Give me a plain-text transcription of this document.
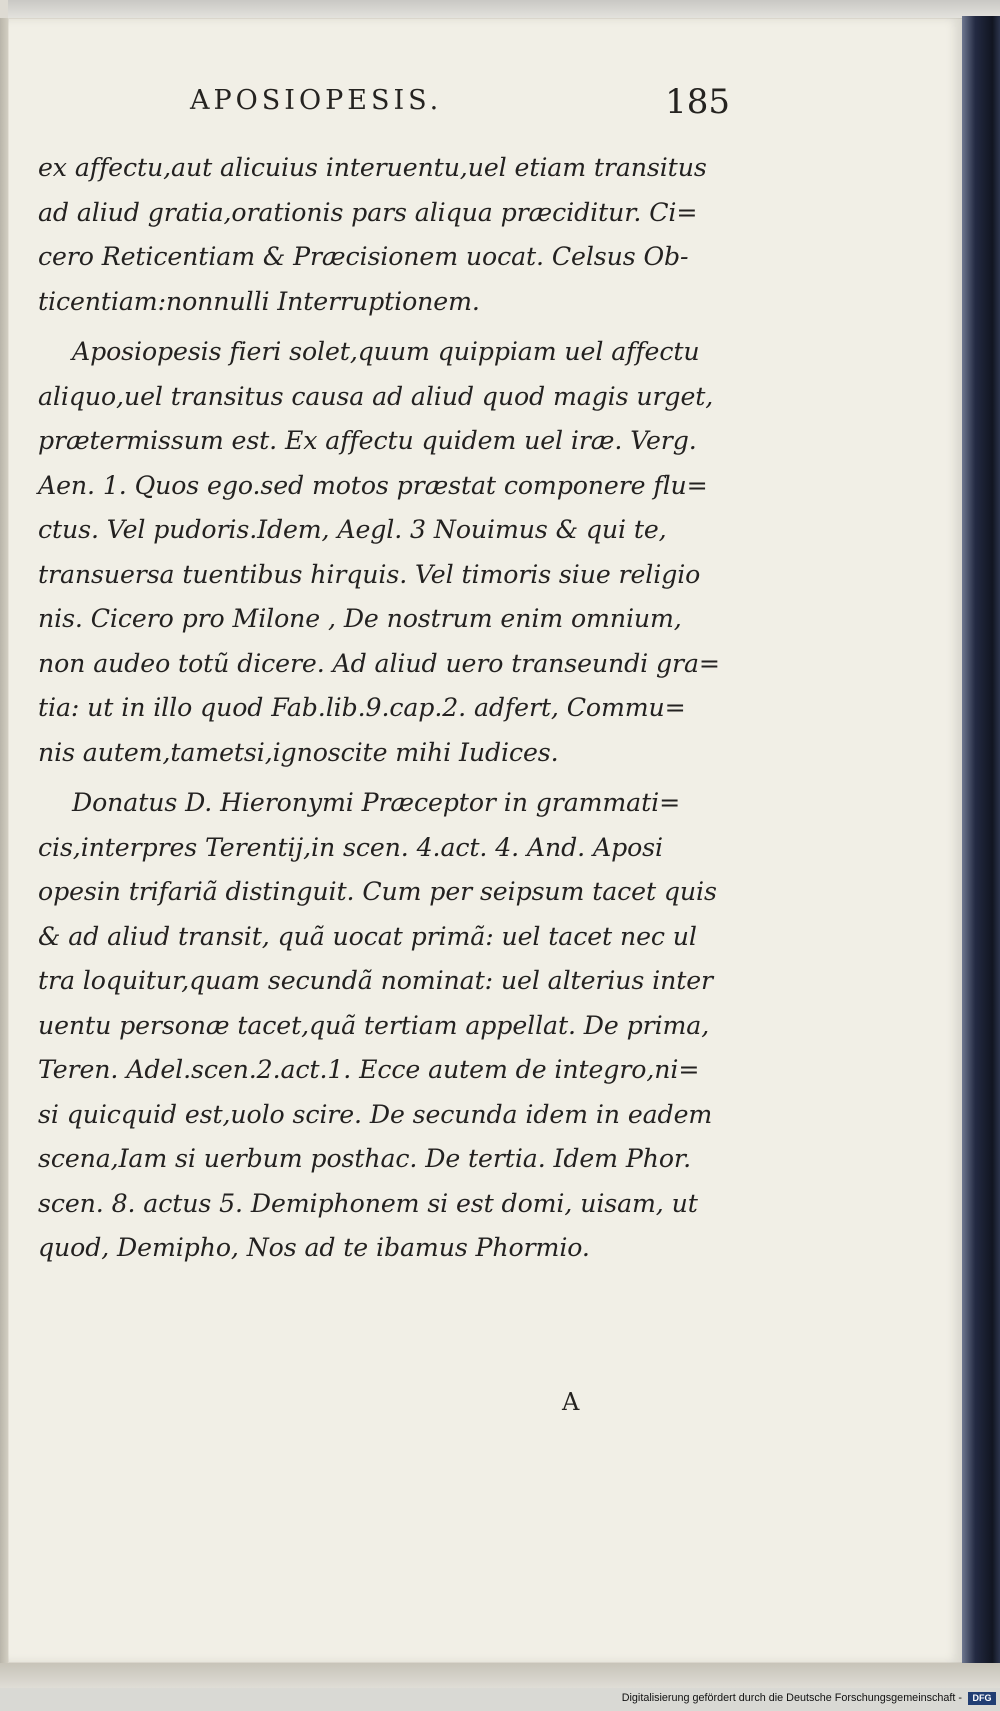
APOSIOPESIS.	185
ex affectu,aut alicuius interuentu,uel etiam transitus
ad aliud gratia,orationis pars aliqua præciditur. Ci=
cero Reticentiam & Præcisionem uocat. Celsus Ob-
ticentiam:nonnulli Interruptionem.
Aposiopesis fieri solet,quum quippiam uel affectu
aliquo,uel transitus causa ad aliud quod magis urget,
prætermissum est. Ex affectu quidem uel iræ. Verg.
Aen. 1. Quos ego.sed motos præstat componere flu=
ctus. Vel pudoris.Idem, Aegl. 3 Nouimus & qui te,
transuersa tuentibus hirquis. Vel timoris siue religio
nis. Cicero pro Milone , De nostrum enim omnium,
non audeo totũ dicere. Ad aliud uero transeundi gra=
tia: ut in illo quod Fab.lib.9.cap.2. adfert, Commu=
nis autem,tametsi,ignoscite mihi Iudices.
Donatus D. Hieronymi Præceptor in grammati=
cis,interpres Terentij,in scen. 4.act. 4. And. Aposi
opesin trifariã distinguit. Cum per seipsum tacet quis
& ad aliud transit, quã uocat primã: uel tacet nec ul
tra loquitur,quam secundã nominat: uel alterius inter
uentu personæ tacet,quã tertiam appellat. De prima,
Teren. Adel.scen.2.act.1. Ecce autem de integro,ni=
si quicquid est,uolo scire. De secunda idem in eadem
scena,Iam si uerbum posthac. De tertia. Idem Phor.
scen. 8. actus 5. Demiphonem si est domi, uisam, ut
quod, Demipho, Nos ad te ibamus Phormio.
A
Digitalisierung gefördert durch die Deutsche Forschungsgemeinschaft -	DFG
